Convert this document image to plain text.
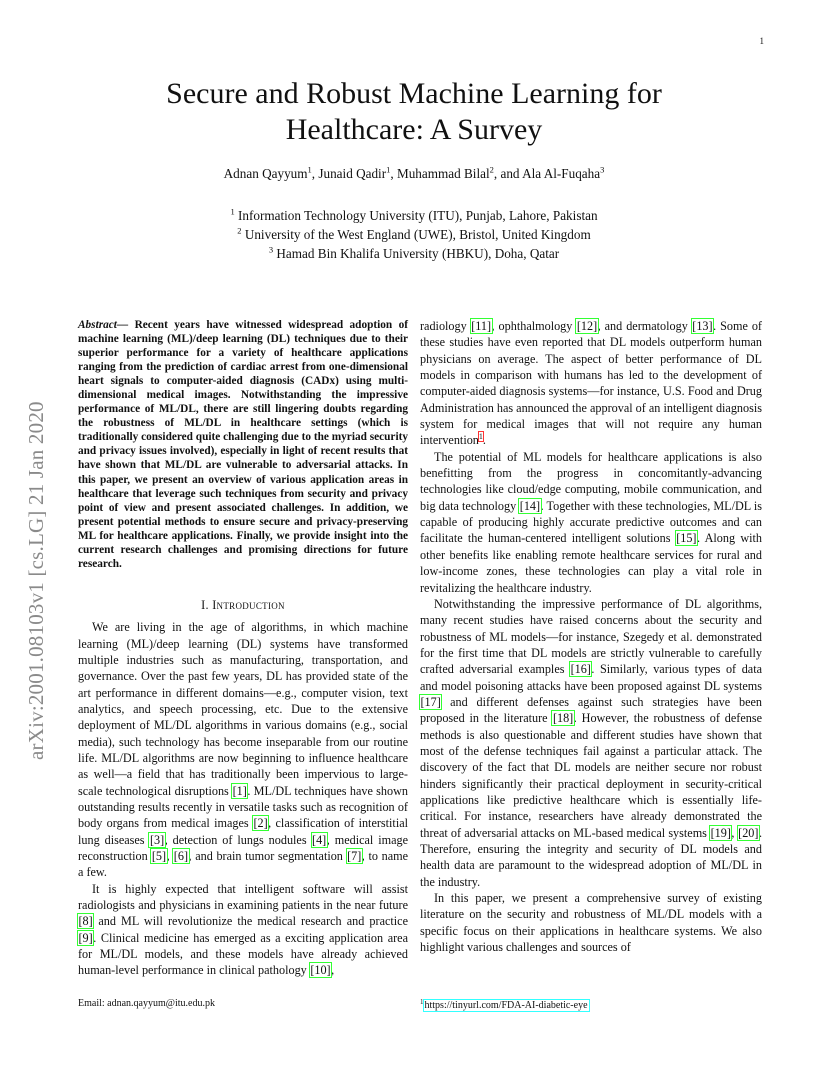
1
arXiv:2001.08103v1 [cs.LG] 21 Jan 2020
Secure and Robust Machine Learning for Healthcare: A Survey
Adnan Qayyum$^1$, Junaid Qadir$^1$, Muhammad Bilal$^2$, and Ala Al-Fuqaha$^3$
$^1$ Information Technology University (ITU), Punjab, Lahore, Pakistan
$^2$ University of the West England (UWE), Bristol, United Kingdom
$^3$ Hamad Bin Khalifa University (HBKU), Doha, Qatar

Abstract— Recent years have witnessed widespread adoption of machine learning (ML)/deep learning (DL) techniques due to their superior performance for a variety of healthcare applications ranging from the prediction of cardiac arrest from one-dimensional heart signals to computer-aided diagnosis (CADx) using multi-dimensional medical images. Notwithstanding the impressive performance of ML/DL, there are still lingering doubts regarding the robustness of ML/DL in healthcare settings (which is traditionally considered quite challenging due to the myriad security and privacy issues involved), especially in light of recent results that have shown that ML/DL are vulnerable to adversarial attacks. In this paper, we present an overview of various application areas in healthcare that leverage such techniques from security and privacy point of view and present associated challenges. In addition, we present potential methods to ensure secure and privacy-preserving ML for healthcare applications. Finally, we provide insight into the current research challenges and promising directions for future research.

I. Introduction

We are living in the age of algorithms, in which machine learning (ML)/deep learning (DL) systems have transformed multiple industries such as manufacturing, transportation, and governance. Over the past few years, DL has provided state of the art performance in different domains—e.g., computer vision, text analytics, and speech processing, etc. Due to the extensive deployment of ML/DL algorithms in various domains (e.g., social media), such technology has become inseparable from our routine life. ML/DL algorithms are now beginning to influence healthcare as well—a field that has traditionally been impervious to large-scale technological disruptions [1]. ML/DL techniques have shown outstanding results recently in versatile tasks such as recognition of body organs from medical images [2], classification of interstitial lung diseases [3], detection of lungs nodules [4], medical image reconstruction [5], [6], and brain tumor segmentation [7], to name a few.

It is highly expected that intelligent software will assist radiologists and physicians in examining patients in the near future [8] and ML will revolutionize the medical research and practice [9]. Clinical medicine has emerged as a exciting application area for ML/DL models, and these models have already achieved human-level performance in clinical pathology [10],

radiology [11], ophthalmology [12], and dermatology [13]. Some of these studies have even reported that DL models outperform human physicians on average. The aspect of better performance of DL models in comparison with humans has led to the development of computer-aided diagnosis systems—for instance, U.S. Food and Drug Administration has announced the approval of an intelligent diagnosis system for medical images that will not require any human intervention$^1$.

The potential of ML models for healthcare applications is also benefitting from the progress in concomitantly-advancing technologies like cloud/edge computing, mobile communication, and big data technology [14]. Together with these technologies, ML/DL is capable of producing highly accurate predictive outcomes and can facilitate the human-centered intelligent solutions [15]. Along with other benefits like enabling remote healthcare services for rural and low-income zones, these technologies can play a vital role in revitalizing the healthcare industry.

Notwithstanding the impressive performance of DL algorithms, many recent studies have raised concerns about the security and robustness of ML models—for instance, Szegedy et al. demonstrated for the first time that DL models are strictly vulnerable to carefully crafted adversarial examples [16]. Similarly, various types of data and model poisoning attacks have been proposed against DL systems [17] and different defenses against such strategies have been proposed in the literature [18]. However, the robustness of defense methods is also questionable and different studies have shown that most of the defense techniques fail against a particular attack. The discovery of the fact that DL models are neither secure nor robust hinders significantly their practical deployment in security-critical applications like predictive healthcare which is essentially life-critical. For instance, researchers have already demonstrated the threat of adversarial attacks on ML-based medical systems [19], [20]. Therefore, ensuring the integrity and security of DL models and health data are paramount to the widespread adoption of ML/DL in the industry.

In this paper, we present a comprehensive survey of existing literature on the security and robustness of ML/DL models with a specific focus on their applications in healthcare systems. We also highlight various challenges and sources of

Email: adnan.qayyum@itu.edu.pk	$^1$https://tinyurl.com/FDA-AI-diabetic-eye
